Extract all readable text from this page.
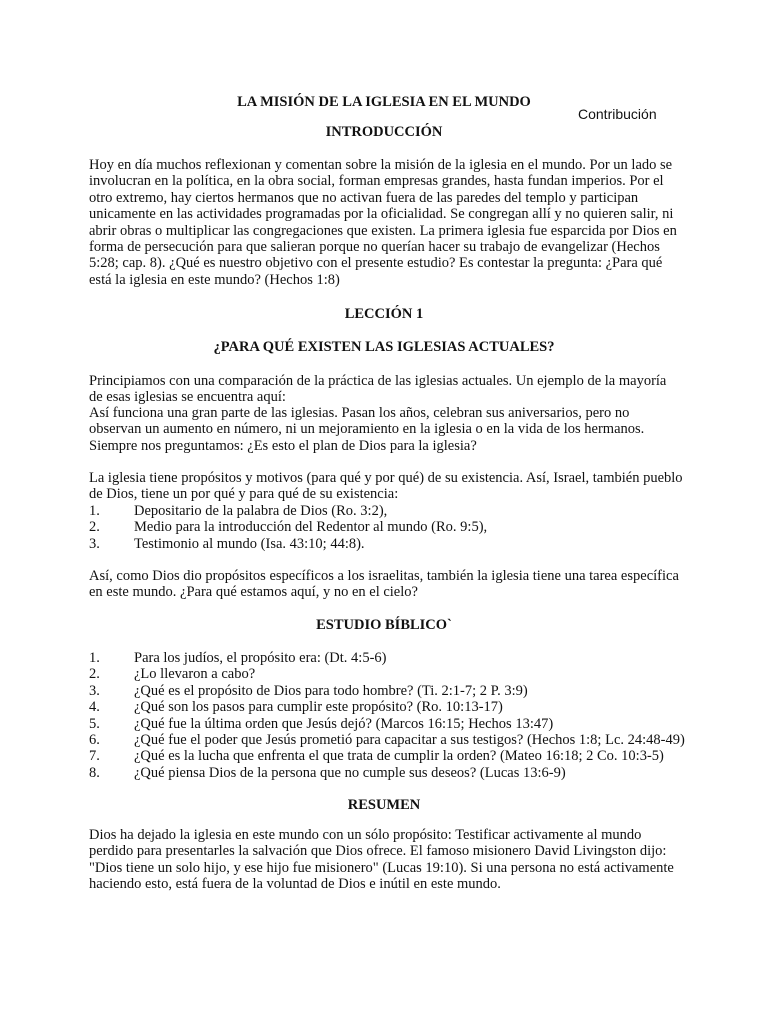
LA MISIÓN DE LA IGLESIA EN EL MUNDO

Contribución

INTRODUCCIÓN

Hoy en día muchos reflexionan y comentan sobre la misión de la iglesia en el mundo. Por un lado se involucran en la política, en la obra social, forman empresas grandes, hasta fundan imperios. Por el otro extremo, hay ciertos hermanos que no activan fuera de las paredes del templo y participan unicamente en las actividades programadas por la oficialidad. Se congregan allí y no quieren salir, ni abrir obras o multiplicar las congregaciones que existen. La primera iglesia fue esparcida por Dios en forma de persecución para que salieran porque no querían hacer su trabajo de evangelizar (Hechos 5:28; cap. 8). ¿Qué es nuestro objetivo con el presente estudio? Es contestar la pregunta: ¿Para qué está la iglesia en este mundo? (Hechos 1:8)

LECCIÓN 1
¿PARA QUÉ EXISTEN LAS IGLESIAS ACTUALES?

Principiamos con una comparación de la práctica de las iglesias actuales. Un ejemplo de la mayoría de esas iglesias se encuentra aquí:

Así funciona una gran parte de las iglesias. Pasan los años, celebran sus aniversarios, pero no observan un aumento en número, ni un mejoramiento en la iglesia o en la vida de los hermanos. Siempre nos preguntamos: ¿Es esto el plan de Dios para la iglesia?

La iglesia tiene propósitos y motivos (para qué y por qué) de su existencia. Así, Israel, también pueblo de Dios, tiene un por qué y para qué de su existencia:

1.	Depositario de la palabra de Dios (Ro. 3:2),
2.	Medio para la introducción del Redentor al mundo (Ro. 9:5),
3.	Testimonio al mundo (Isa. 43:10; 44:8).

Así, como Dios dio propósitos específicos a los israelitas, también la iglesia tiene una tarea específica en este mundo. ¿Para qué estamos aquí, y no en el cielo?

ESTUDIO BÍBLICO`
1.	Para los judíos, el propósito era: (Dt. 4:5-6)
2.	¿Lo llevaron a cabo?
3.	¿Qué es el propósito de Dios para todo hombre? (Ti. 2:1-7; 2 P. 3:9)
4.	¿Qué son los pasos para cumplir este propósito? (Ro. 10:13-17)
5.	¿Qué fue la última orden que Jesús dejó? (Marcos 16:15; Hechos 13:47)
6.	¿Qué fue el poder que Jesús prometió para capacitar a sus testigos? (Hechos 1:8; Lc. 24:48-49)
7.	¿Qué es la lucha que enfrenta el que trata de cumplir la orden? (Mateo 16:18; 2 Co. 10:3-5)
8.	¿Qué piensa Dios de la persona que no cumple sus deseos? (Lucas 13:6-9)
RESUMEN

Dios ha dejado la iglesia en este mundo con un sólo propósito: Testificar activamente al mundo perdido para presentarles la salvación que Dios ofrece. El famoso misionero David Livingston dijo: "Dios tiene un solo hijo, y ese hijo fue misionero" (Lucas 19:10). Si una persona no está activamente haciendo esto, está fuera de la voluntad de Dios e inútil en este mundo.
